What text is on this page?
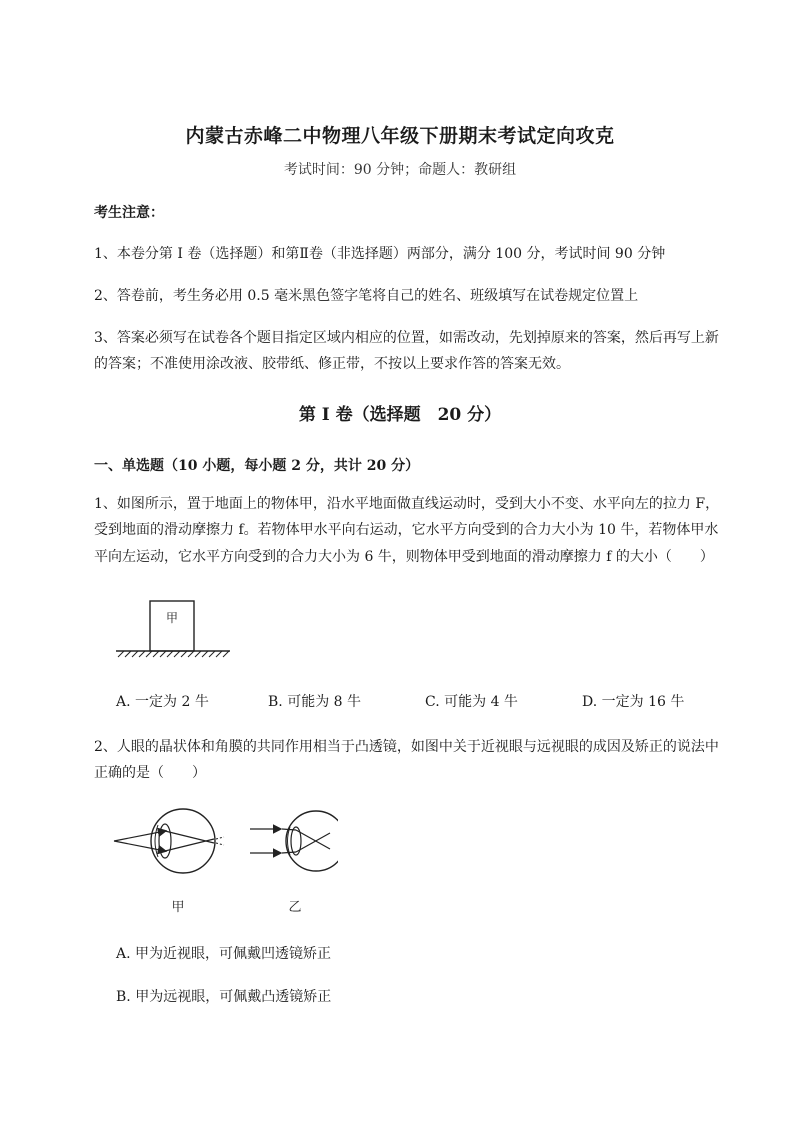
内蒙古赤峰二中物理八年级下册期末考试定向攻克
考试时间：90 分钟；命题人：教研组
考生注意：
1、本卷分第 I 卷（选择题）和第Ⅱ卷（非选择题）两部分，满分 100 分，考试时间 90 分钟
2、答卷前，考生务必用 0.5 毫米黑色签字笔将自己的姓名、班级填写在试卷规定位置上
3、答案必须写在试卷各个题目指定区域内相应的位置，如需改动，先划掉原来的答案，然后再写上新
的答案；不准使用涂改液、胶带纸、修正带，不按以上要求作答的答案无效。
第 I 卷（选择题　20 分）
一、单选题（10 小题，每小题 2 分，共计 20 分）
1、如图所示，置于地面上的物体甲，沿水平地面做直线运动时，受到大小不变、水平向左的拉力 F，
受到地面的滑动摩擦力 f。若物体甲水平向右运动，它水平方向受到的合力大小为 10 牛，若物体甲水
平向左运动，它水平方向受到的合力大小为 6 牛，则物体甲受到地面的滑动摩擦力 f 的大小（　　）
甲
A. 一定为 2 牛	B. 可能为 8 牛	C. 可能为 4 牛	D. 一定为 16 牛
2、人眼的晶状体和角膜的共同作用相当于凸透镜，如图中关于近视眼与远视眼的成因及矫正的说法中
正确的是（　　）
甲	乙
A. 甲为近视眼，可佩戴凹透镜矫正
B. 甲为远视眼，可佩戴凸透镜矫正
